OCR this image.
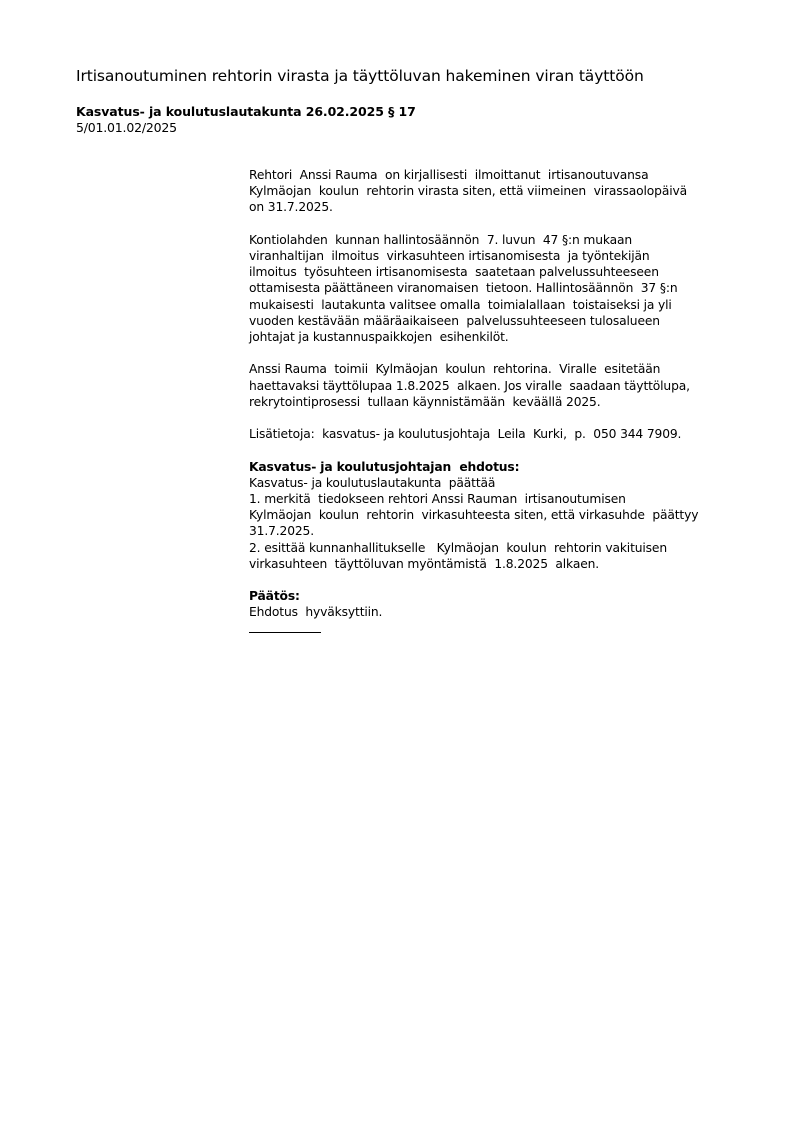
Irtisanoutuminen rehtorin virasta ja täyttöluvan hakeminen viran täyttöön
Kasvatus- ja koulutuslautakunta 26.02.2025 § 17
5/01.01.02/2025

Rehtori  Anssi Rauma  on kirjallisesti  ilmoittanut  irtisanoutuvansa
Kylmäojan  koulun  rehtorin virasta siten, että viimeinen  virassaolopäivä
on 31.7.2025.

Kontiolahden  kunnan hallintosäännön  7. luvun  47 §:n mukaan
viranhaltijan  ilmoitus  virkasuhteen irtisanomisesta  ja työntekijän
ilmoitus  työsuhteen irtisanomisesta  saatetaan palvelussuhteeseen
ottamisesta päättäneen viranomaisen  tietoon. Hallintosäännön  37 §:n
mukaisesti  lautakunta valitsee omalla  toimialallaan  toistaiseksi ja yli
vuoden kestävään määräaikaiseen  palvelussuhteeseen tulosalueen
johtajat ja kustannuspaikkojen  esihenkilöt.

Anssi Rauma  toimii  Kylmäojan  koulun  rehtorina.  Viralle  esitetään
haettavaksi täyttölupaa 1.8.2025  alkaen. Jos viralle  saadaan täyttölupa,
rekrytointiprosessi  tullaan käynnistämään  keväällä 2025.

Lisätietoja:  kasvatus- ja koulutusjohtaja  Leila  Kurki,  p.  050 344 7909.

Kasvatus- ja koulutusjohtajan  ehdotus:
Kasvatus- ja koulutuslautakunta  päättää
1. merkitä  tiedokseen rehtori Anssi Rauman  irtisanoutumisen
Kylmäojan  koulun  rehtorin  virkasuhteesta siten, että virkasuhde  päättyy
31.7.2025.
2. esittää kunnanhallitukselle   Kylmäojan  koulun  rehtorin vakituisen
virkasuhteen  täyttöluvan myöntämistä  1.8.2025  alkaen.

Päätös:
Ehdotus  hyväksyttiin.
